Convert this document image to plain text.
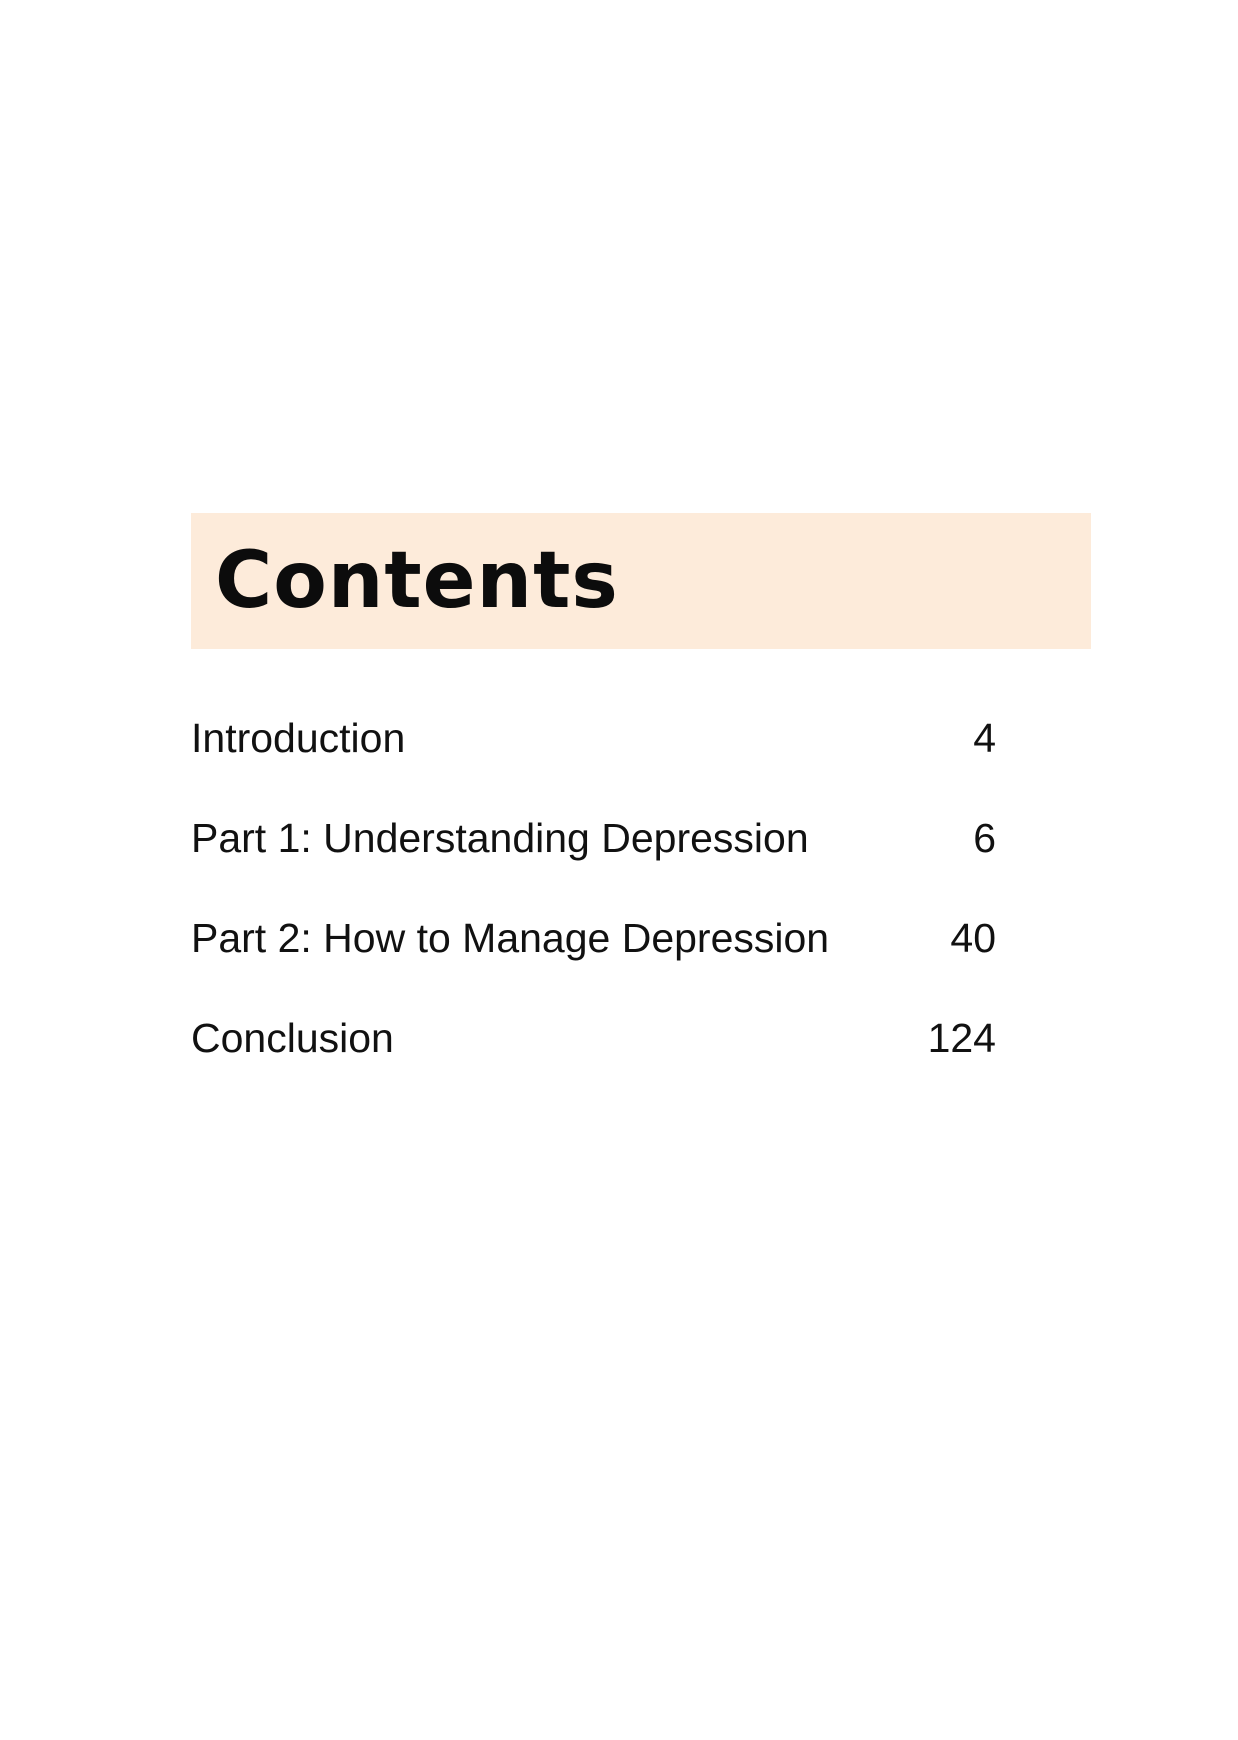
Contents
Introduction	4
Part 1: Understanding Depression	6
Part 2: How to Manage Depression	40
Conclusion	124
